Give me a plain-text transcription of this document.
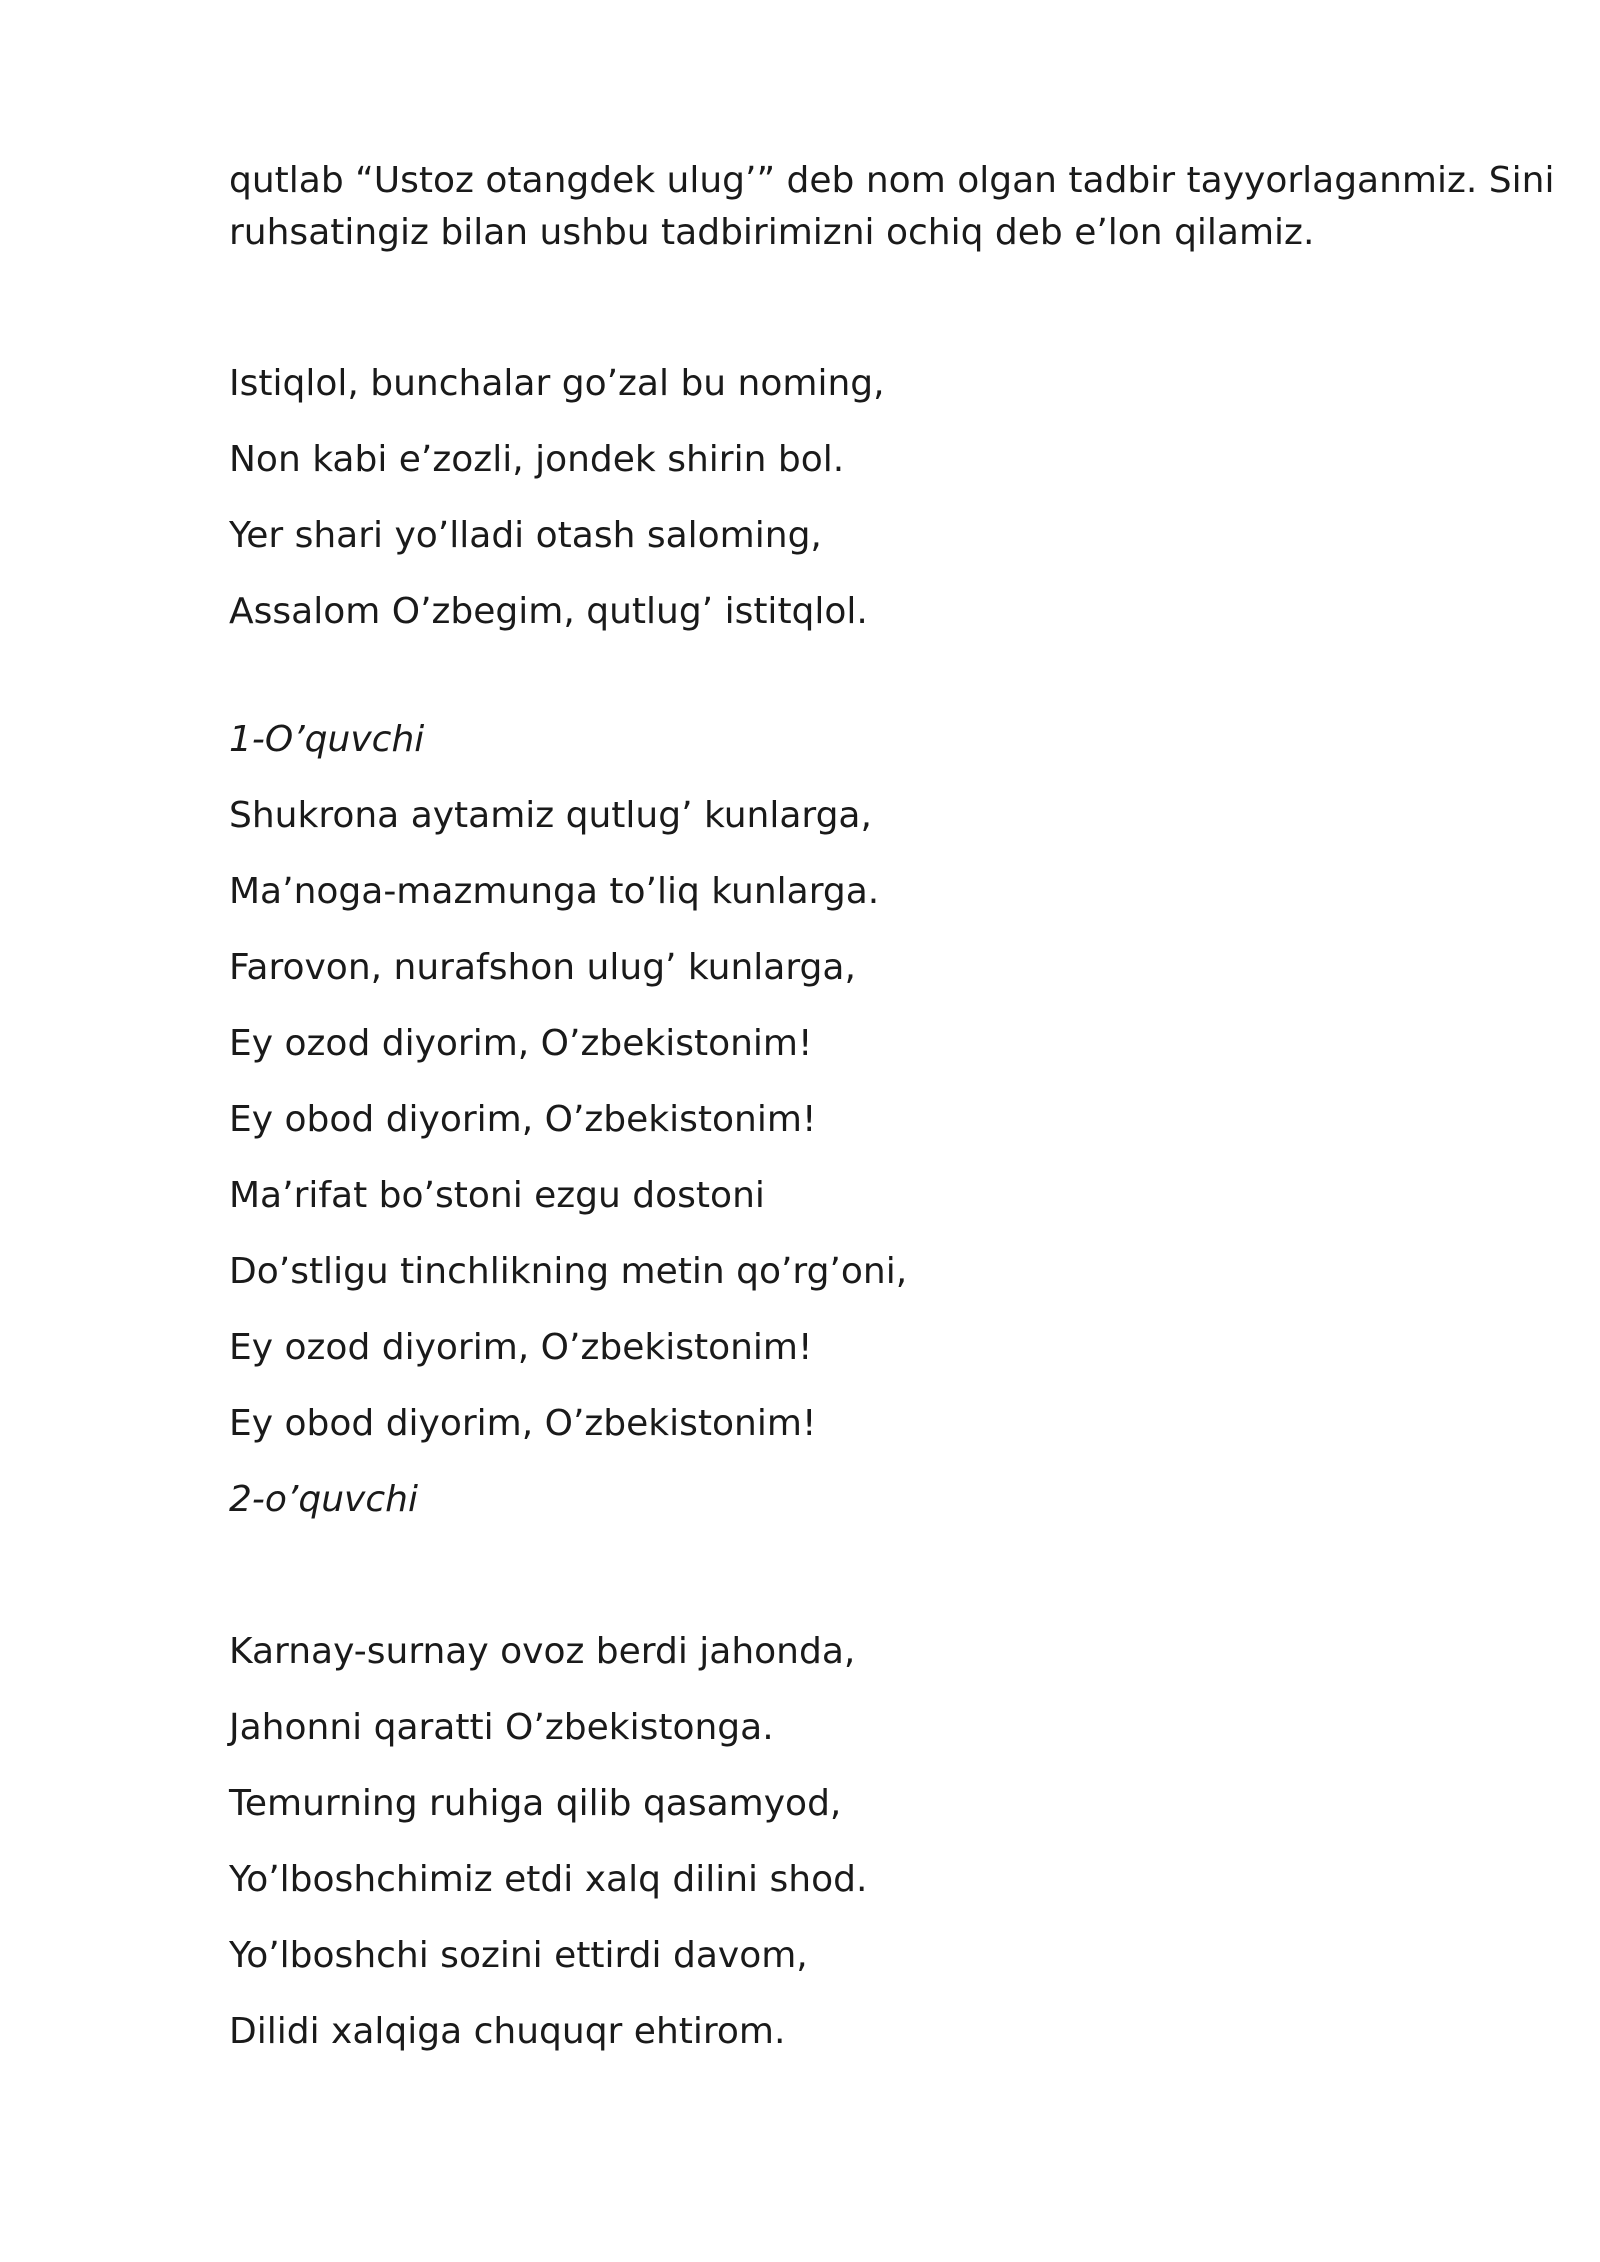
qutlab “Ustoz otangdek ulug’” deb nom olgan tadbir tayyorlaganmiz. Sini
ruhsatingiz bilan ushbu tadbirimizni ochiq deb e’lon qilamiz.

Istiqlol, bunchalar go’zal bu noming,

Non kabi e’zozli, jondek shirin bol.

Yer shari yo’lladi otash saloming,

Assalom O’zbegim, qutlug’ istitqlol.

1-O’quvchi

Shukrona aytamiz qutlug’ kunlarga,

Ma’noga-mazmunga to’liq kunlarga.

Farovon, nurafshon ulug’ kunlarga,

Ey ozod diyorim, O’zbekistonim!

Ey obod diyorim, O’zbekistonim!

Ma’rifat bo’stoni ezgu dostoni

Do’stligu tinchlikning metin qo’rg’oni,

Ey ozod diyorim, O’zbekistonim!

Ey obod diyorim, O’zbekistonim!

2-o’quvchi

Karnay-surnay ovoz berdi jahonda,

Jahonni qaratti O’zbekistonga.

Temurning ruhiga qilib qasamyod,

Yo’lboshchimiz etdi xalq dilini shod.

Yo’lboshchi sozini ettirdi davom,

Dilidi xalqiga chuquqr ehtirom.
